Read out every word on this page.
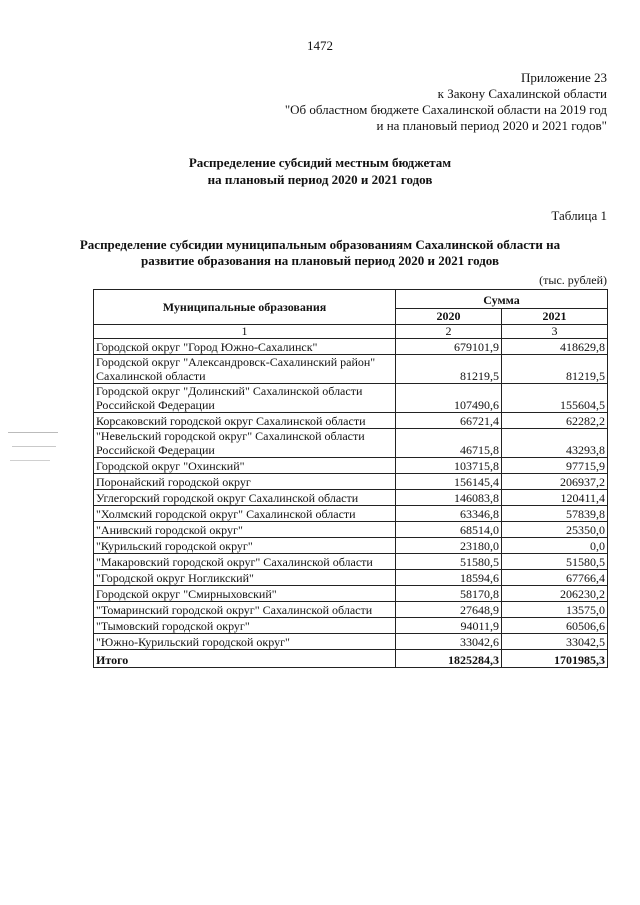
1472
Приложение 23
к Закону Сахалинской области
"Об областном бюджете Сахалинской области на 2019 год
и на плановый период 2020 и 2021 годов"
Распределение субсидий местным бюджетам
на плановый период 2020 и 2021 годов
Таблица 1
Распределение субсидии муниципальным образованиям Сахалинской области на
развитие образования на плановый период 2020 и 2021 годов
(тыс. рублей)
Муниципальные образования	Сумма	
	2020	2021
1	2	3
Городской округ "Город Южно-Сахалинск"	679101,9	418629,8
Городской округ "Александровск-Сахалинский район" Сахалинской области	81219,5	81219,5
Городской округ "Долинский" Сахалинской области Российской Федерации	107490,6	155604,5
Корсаковский городской округ Сахалинской области	66721,4	62282,2
"Невельский городской округ" Сахалинской области Российской Федерации	46715,8	43293,8
Городской округ "Охинский"	103715,8	97715,9
Поронайский городской округ	156145,4	206937,2
Углегорский городской округ Сахалинской области	146083,8	120411,4
"Холмский городской округ" Сахалинской области	63346,8	57839,8
"Анивский городской округ"	68514,0	25350,0
"Курильский городской округ"	23180,0	0,0
"Макаровский городской округ" Сахалинской области	51580,5	51580,5
"Городской округ Ногликский"	18594,6	67766,4
Городской округ "Смирныховский"	58170,8	206230,2
"Томаринский городской округ" Сахалинской области	27648,9	13575,0
"Тымовский городской округ"	94011,9	60506,6
"Южно-Курильский городской округ"	33042,6	33042,5
Итого	1825284,3	1701985,3
